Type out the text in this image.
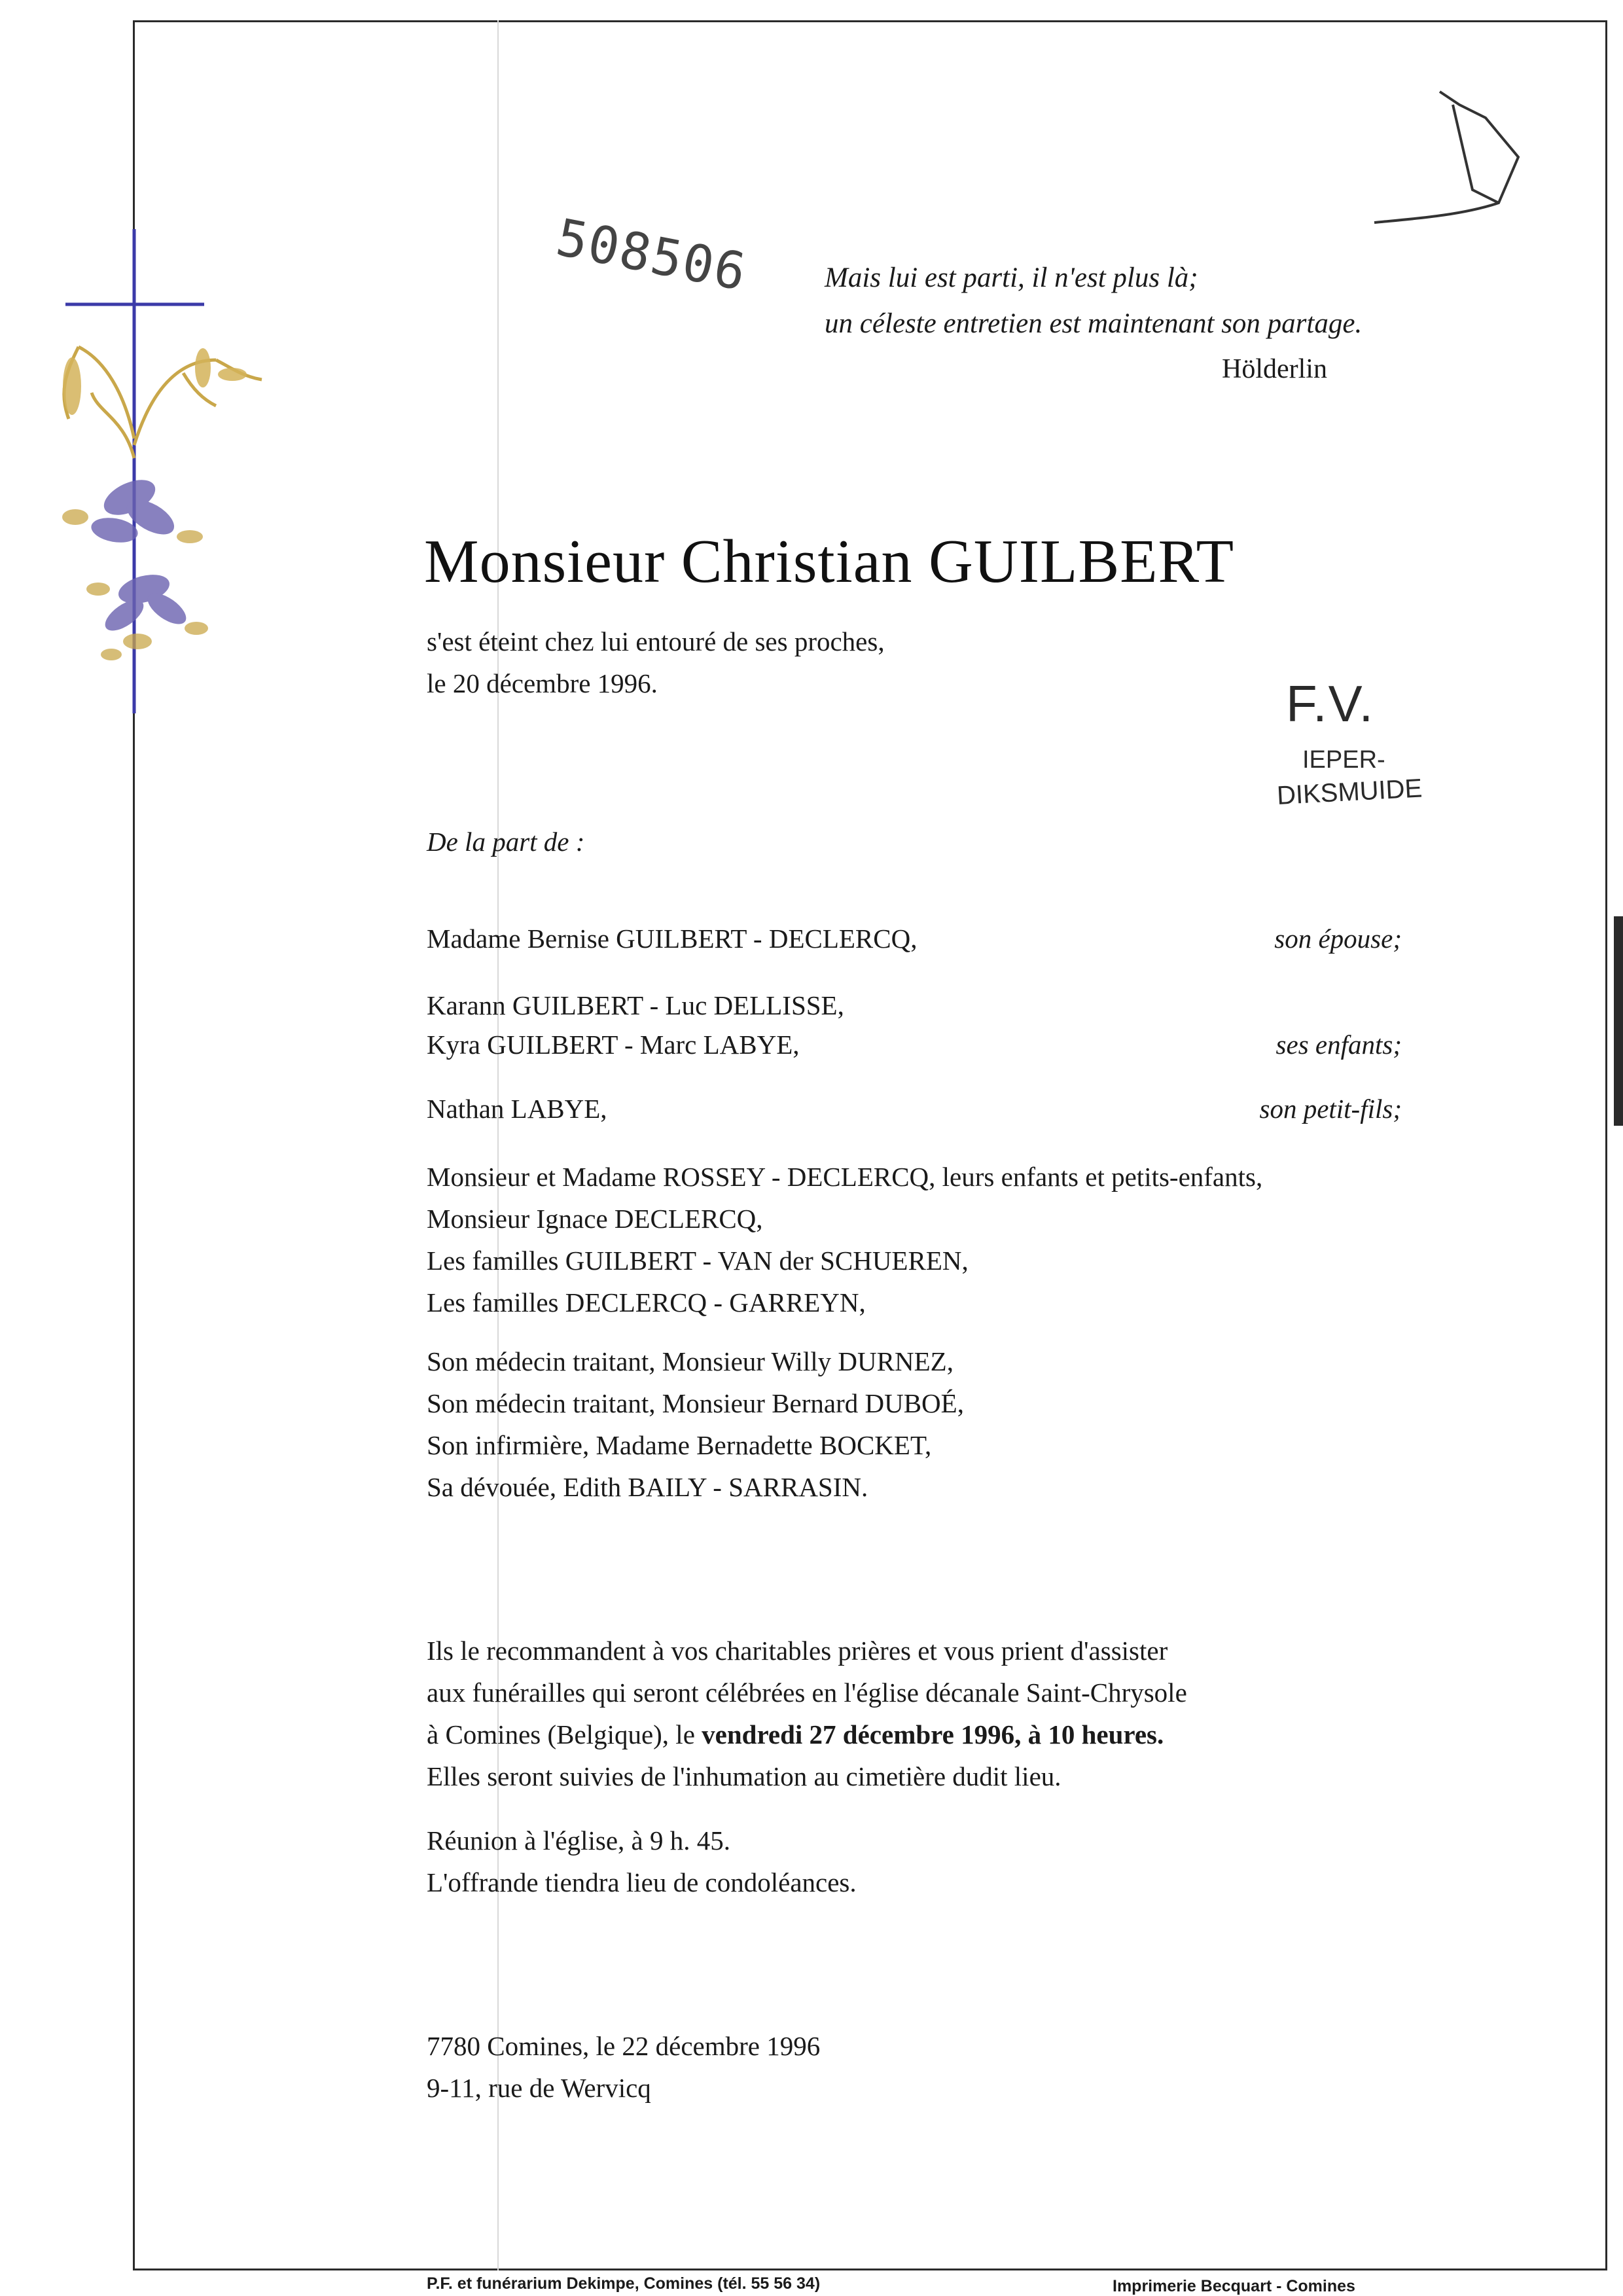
508506	Mais lui est parti, il n'est plus là;
un céleste entretien est maintenant son partage.
Hölderlin
Monsieur Christian GUILBERT
s'est éteint chez lui entouré de ses proches,
le 20 décembre 1996.	F.V.
IEPER-
DIKSMUIDE
De la part de :
Madame Bernise GUILBERT - DECLERCQ,	son épouse;
Karann GUILBERT - Luc DELLISSE,
Kyra GUILBERT - Marc LABYE,	ses enfants;
Nathan LABYE,	son petit-fils;
Monsieur et Madame ROSSEY - DECLERCQ, leurs enfants et petits-enfants,
Monsieur Ignace DECLERCQ,
Les familles GUILBERT - VAN der SCHUEREN,
Les familles DECLERCQ - GARREYN,
Son médecin traitant, Monsieur Willy DURNEZ,
Son médecin traitant, Monsieur Bernard DUBOÉ,
Son infirmière, Madame Bernadette BOCKET,
Sa dévouée, Edith BAILY - SARRASIN.
Ils le recommandent à vos charitables prières et vous prient d'assister
aux funérailles qui seront célébrées en l'église décanale Saint-Chrysole
à Comines (Belgique), le vendredi 27 décembre 1996, à 10 heures.
Elles seront suivies de l'inhumation au cimetière dudit lieu.
Réunion à l'église, à 9 h. 45.
L'offrande tiendra lieu de condoléances.
7780 Comines, le 22 décembre 1996
9-11, rue de Wervicq
P.F. et funérarium Dekimpe, Comines (tél. 55 56 34)	Imprimerie Becquart - Comines
